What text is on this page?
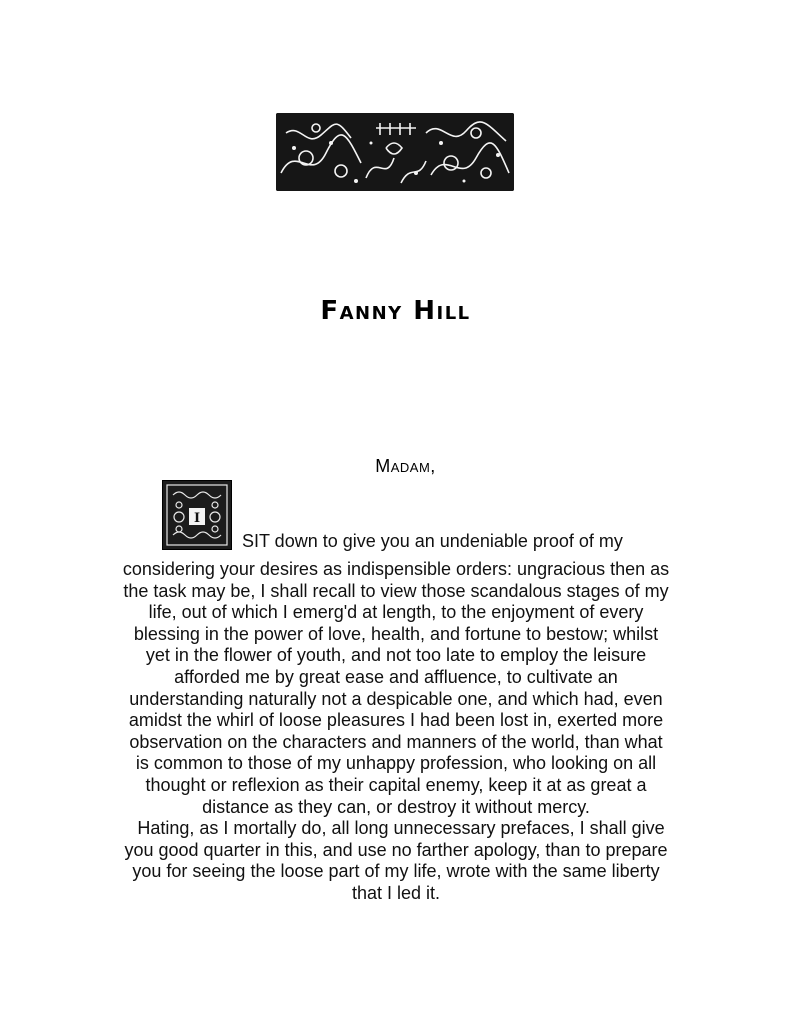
Fanny Hill
Madam,
I
SIT down to give you an undeniable proof of my
considering your desires as indispensible orders: ungracious then as
the task may be, I shall recall to view those scandalous stages of my
life, out of which I emerg'd at length, to the enjoyment of every
blessing in the power of love, health, and fortune to bestow; whilst
yet in the flower of youth, and not too late to employ the leisure
afforded me by great ease and affluence, to cultivate an
understanding naturally not a despicable one, and which had, even
amidst the whirl of loose pleasures I had been lost in, exerted more
observation on the characters and manners of the world, than what
is common to those of my unhappy profession, who looking on all
thought or reflexion as their capital enemy, keep it at as great a
distance as they can, or destroy it without mercy.
Hating, as I mortally do, all long unnecessary prefaces, I shall give
you good quarter in this, and use no farther apology, than to prepare
you for seeing the loose part of my life, wrote with the same liberty
that I led it.
